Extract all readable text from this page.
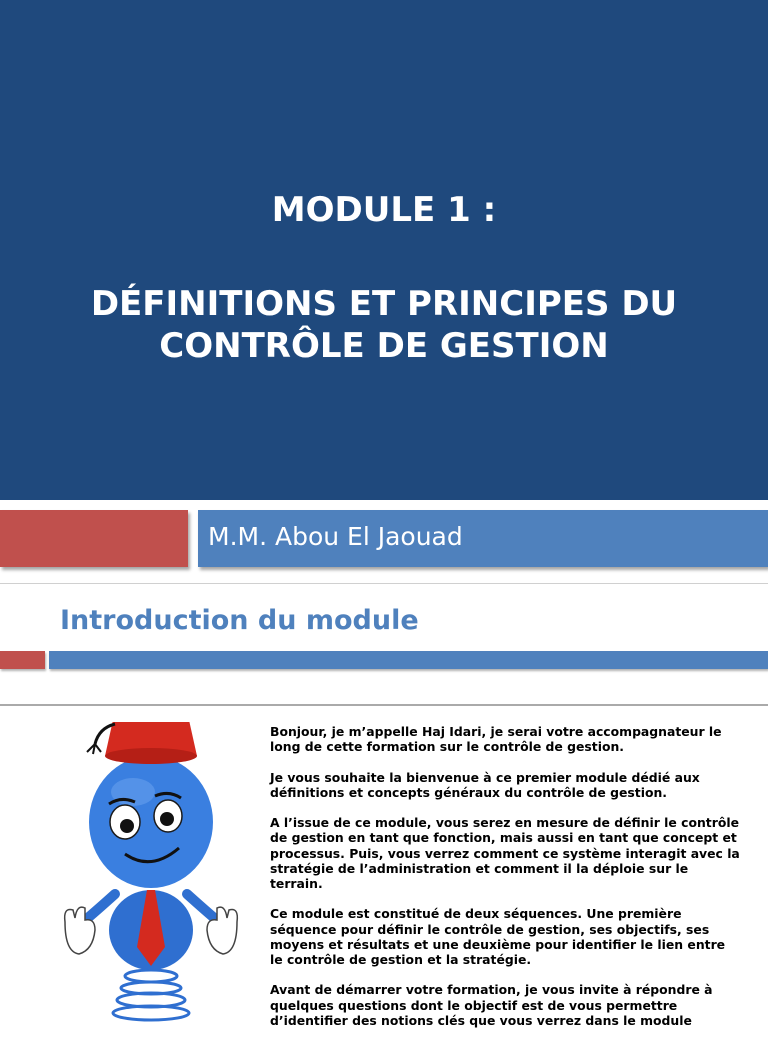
MODULE 1 :
DÉFINITIONS ET PRINCIPES DU
CONTRÔLE DE GESTION
M.M. Abou El Jaouad
Introduction du module

Bonjour, je m’appelle Haj Idari, je serai votre accompagnateur le long de cette formation sur le contrôle de gestion.

Je vous souhaite la bienvenue à ce premier module dédié aux définitions et concepts généraux du contrôle de gestion.

A l’issue de ce module, vous serez en mesure de définir le contrôle de gestion en tant que fonction, mais aussi en tant que concept et processus. Puis, vous verrez comment ce système interagit avec la stratégie de l’administration et comment il la déploie sur le terrain.

Ce module est constitué de deux séquences. Une première séquence pour définir le contrôle de gestion, ses objectifs, ses moyens et résultats et une deuxième pour identifier le lien entre le contrôle de gestion et la stratégie.

Avant de démarrer votre formation, je vous invite à répondre à quelques questions dont le objectif est de vous permettre d’identifier des notions clés que vous verrez dans le module
